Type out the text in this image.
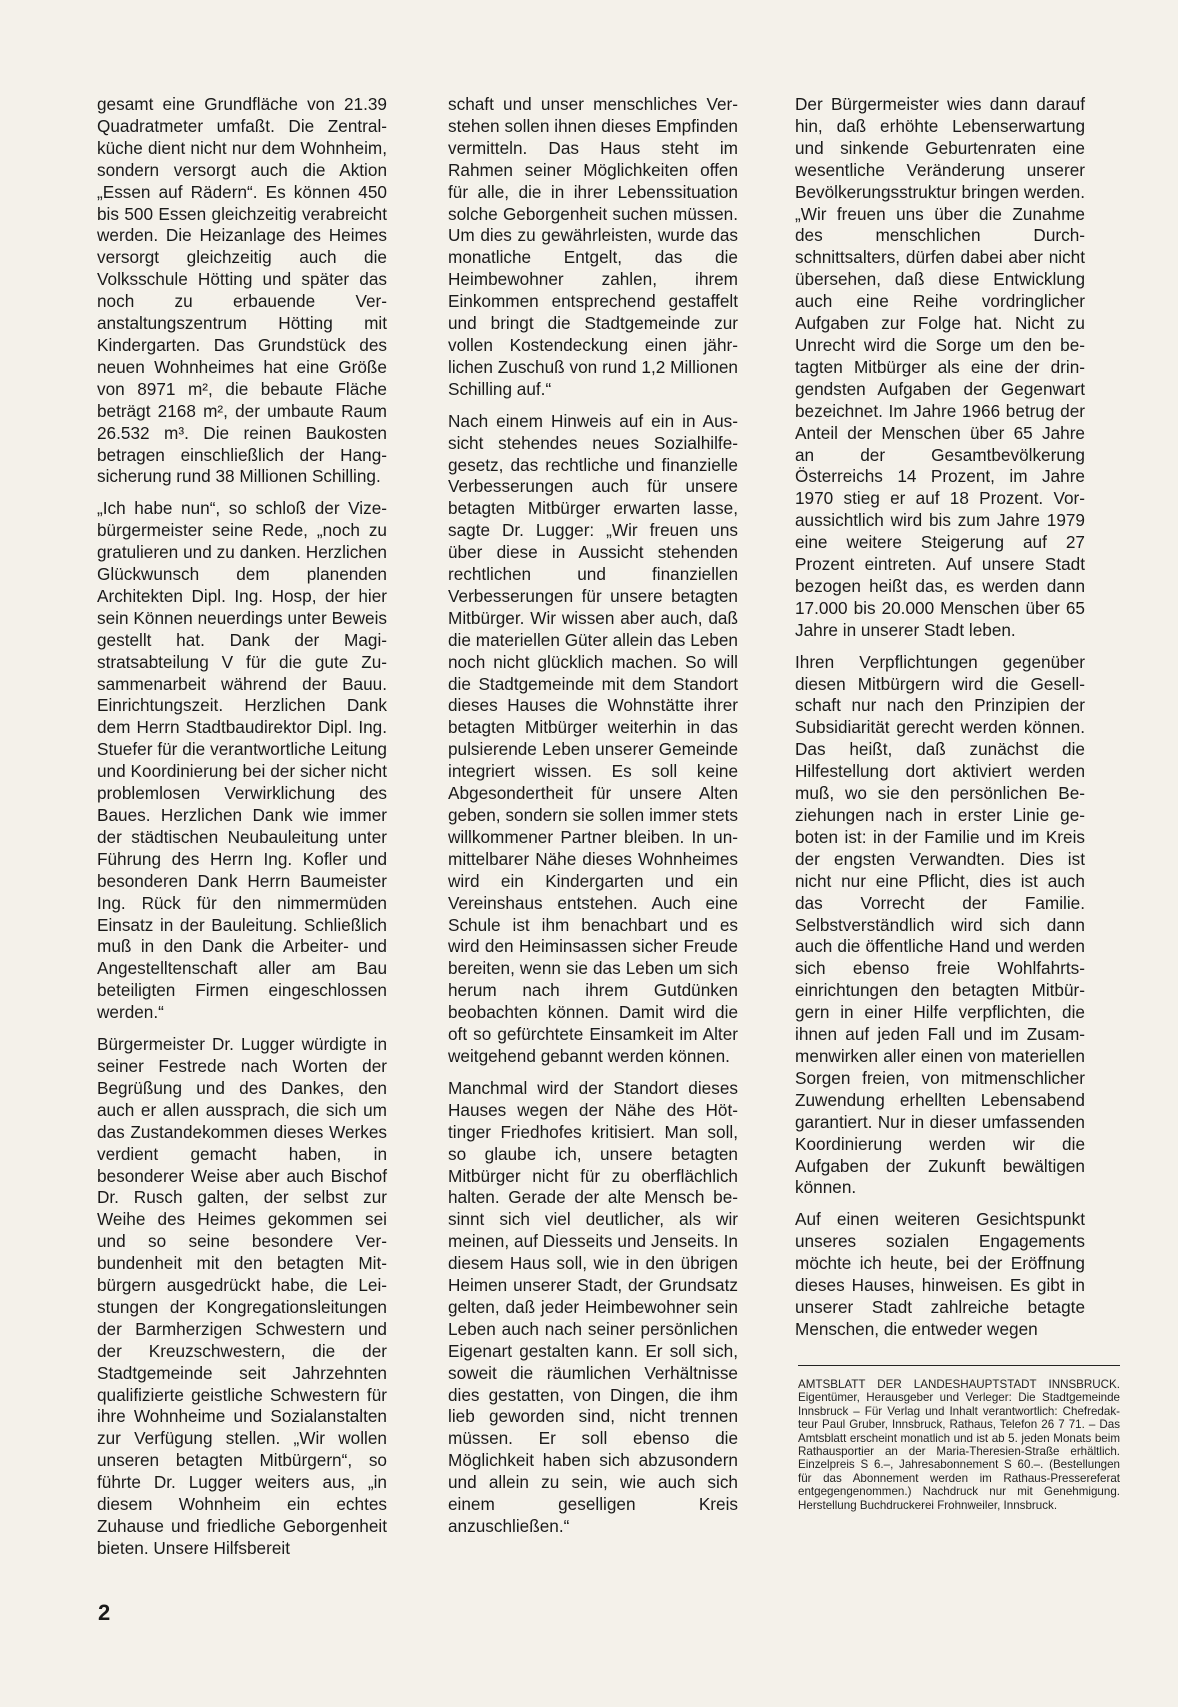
gesamt eine Grundfläche von 21.39 Quadratmeter umfaßt. Die Zentralküche dient nicht nur dem Wohnheim, sondern versorgt auch die Aktion „Essen auf Rädern“. Es können 450 bis 500 Essen gleichzeitig verabreicht werden. Die Heizanlage des Heimes versorgt gleichzeitig auch die Volksschule Hötting und später das noch zu erbauende Veranstaltungszentrum Hötting mit Kindergarten. Das Grundstück des neuen Wohnheimes hat eine Größe von 8971 m², die bebaute Fläche beträgt 2168 m², der umbaute Raum 26.532 m³. Die reinen Baukosten betragen einschließlich der Hangsicherung rund 38 Millionen Schilling.

„Ich habe nun“, so schloß der Vizebürgermeister seine Rede, „noch zu gratulieren und zu danken. Herzlichen Glückwunsch dem planenden Architekten Dipl. Ing. Hosp, der hier sein Können neuerdings unter Beweis gestellt hat. Dank der Magistratsabteilung V für die gute Zusammenarbeit während der Bauu. Einrichtungszeit. Herzlichen Dank dem Herrn Stadtbaudirektor Dipl. Ing. Stuefer für die verantwortliche Leitung und Koordinierung bei der sicher nicht problemlosen Verwirklichung des Baues. Herzlichen Dank wie immer der städtischen Neubauleitung unter Führung des Herrn Ing. Kofler und besonderen Dank Herrn Baumeister Ing. Rück für den nimmermüden Einsatz in der Bauleitung. Schließlich muß in den Dank die Arbeiter- und Angestelltenschaft aller am Bau beteiligten Firmen eingeschlossen werden.“

Bürgermeister Dr. Lugger würdigte in seiner Festrede nach Worten der Begrüßung und des Dankes, den auch er allen aussprach, die sich um das Zustandekommen dieses Werkes verdient gemacht haben, in besonderer Weise aber auch Bischof Dr. Rusch galten, der selbst zur Weihe des Heimes gekommen sei und so seine besondere Verbundenheit mit den betagten Mitbürgern ausgedrückt habe, die Leistungen der Kongregationsleitungen der Barmherzigen Schwestern und der Kreuzschwestern, die der Stadtgemeinde seit Jahrzehnten qualifizierte geistliche Schwestern für ihre Wohnheime und Sozialanstalten zur Verfügung stellen. „Wir wollen unseren betagten Mitbürgern“, so führte Dr. Lugger weiters aus, „in diesem Wohnheim ein echtes Zuhause und friedliche Geborgenheit bieten. Unsere Hilfsbereit

schaft und unser menschliches Verstehen sollen ihnen dieses Empfinden vermitteln. Das Haus steht im Rahmen seiner Möglichkeiten offen für alle, die in ihrer Lebenssituation solche Geborgenheit suchen müssen. Um dies zu gewährleisten, wurde das monatliche Entgelt, das die Heimbewohner zahlen, ihrem Einkommen entsprechend gestaffelt und bringt die Stadtgemeinde zur vollen Kostendeckung einen jährlichen Zuschuß von rund 1,2 Millionen Schilling auf.“

Nach einem Hinweis auf ein in Aussicht stehendes neues Sozialhilfegesetz, das rechtliche und finanzielle Verbesserungen auch für unsere betagten Mitbürger erwarten lasse, sagte Dr. Lugger: „Wir freuen uns über diese in Aussicht stehenden rechtlichen und finanziellen Verbesserungen für unsere betagten Mitbürger. Wir wissen aber auch, daß die materiellen Güter allein das Leben noch nicht glücklich machen. So will die Stadtgemeinde mit dem Standort dieses Hauses die Wohnstätte ihrer betagten Mitbürger weiterhin in das pulsierende Leben unserer Gemeinde integriert wissen. Es soll keine Abgesondertheit für unsere Alten geben, sondern sie sollen immer stets willkommener Partner bleiben. In unmittelbarer Nähe dieses Wohnheimes wird ein Kindergarten und ein Vereinshaus entstehen. Auch eine Schule ist ihm benachbart und es wird den Heiminsassen sicher Freude bereiten, wenn sie das Leben um sich herum nach ihrem Gutdünken beobachten können. Damit wird die oft so gefürchtete Einsamkeit im Alter weitgehend gebannt werden können.

Manchmal wird der Standort dieses Hauses wegen der Nähe des Höttinger Friedhofes kritisiert. Man soll, so glaube ich, unsere betagten Mitbürger nicht für zu oberflächlich halten. Gerade der alte Mensch besinnt sich viel deutlicher, als wir meinen, auf Diesseits und Jenseits. In diesem Haus soll, wie in den übrigen Heimen unserer Stadt, der Grundsatz gelten, daß jeder Heimbewohner sein Leben auch nach seiner persönlichen Eigenart gestalten kann. Er soll sich, soweit die räumlichen Verhältnisse dies gestatten, von Dingen, die ihm lieb geworden sind, nicht trennen müssen. Er soll ebenso die Möglichkeit haben sich abzusondern und allein zu sein, wie auch sich einem geselligen Kreis anzuschließen.“

Der Bürgermeister wies dann darauf hin, daß erhöhte Lebenserwartung und sinkende Geburtenraten eine wesentliche Veränderung unserer Bevölkerungsstruktur bringen werden. „Wir freuen uns über die Zunahme des menschlichen Durchschnittsalters, dürfen dabei aber nicht übersehen, daß diese Entwicklung auch eine Reihe vordringlicher Aufgaben zur Folge hat. Nicht zu Unrecht wird die Sorge um den betagten Mitbürger als eine der dringendsten Aufgaben der Gegenwart bezeichnet. Im Jahre 1966 betrug der Anteil der Menschen über 65 Jahre an der Gesamtbevölkerung Österreichs 14 Prozent, im Jahre 1970 stieg er auf 18 Prozent. Voraussichtlich wird bis zum Jahre 1979 eine weitere Steigerung auf 27 Prozent eintreten. Auf unsere Stadt bezogen heißt das, es werden dann 17.000 bis 20.000 Menschen über 65 Jahre in unserer Stadt leben.

Ihren Verpflichtungen gegenüber diesen Mitbürgern wird die Gesellschaft nur nach den Prinzipien der Subsidiarität gerecht werden können. Das heißt, daß zunächst die Hilfestellung dort aktiviert werden muß, wo sie den persönlichen Beziehungen nach in erster Linie geboten ist: in der Familie und im Kreis der engsten Verwandten. Dies ist nicht nur eine Pflicht, dies ist auch das Vorrecht der Familie. Selbstverständlich wird sich dann auch die öffentliche Hand und werden sich ebenso freie Wohlfahrtseinrichtungen den betagten Mitbürgern in einer Hilfe verpflichten, die ihnen auf jeden Fall und im Zusammenwirken aller einen von materiellen Sorgen freien, von mitmenschlicher Zuwendung erhellten Lebensabend garantiert. Nur in dieser umfassenden Koordinierung werden wir die Aufgaben der Zukunft bewältigen können.

Auf einen weiteren Gesichtspunkt unseres sozialen Engagements möchte ich heute, bei der Eröffnung dieses Hauses, hinweisen. Es gibt in unserer Stadt zahlreiche betagte Menschen, die entweder wegen

AMTSBLATT DER LANDESHAUPTSTADT INNSBRUCK. Eigentümer, Herausgeber und Verleger: Die Stadtgemeinde Innsbruck – Für Verlag und Inhalt verantwortlich: Chefredakteur Paul Gruber, Innsbruck, Rathaus, Telefon 26 7 71. – Das Amtsblatt erscheint monatlich und ist ab 5. jeden Monats beim Rathausportier an der Maria-Theresien-Straße erhältlich. Einzelpreis S 6.–, Jahresabonnement S 60.–. (Bestellungen für das Abonnement werden im Rathaus-Pressereferat entgegengenommen.) Nachdruck nur mit Genehmigung. Herstellung Buchdruckerei Frohnweiler, Innsbruck.
2
